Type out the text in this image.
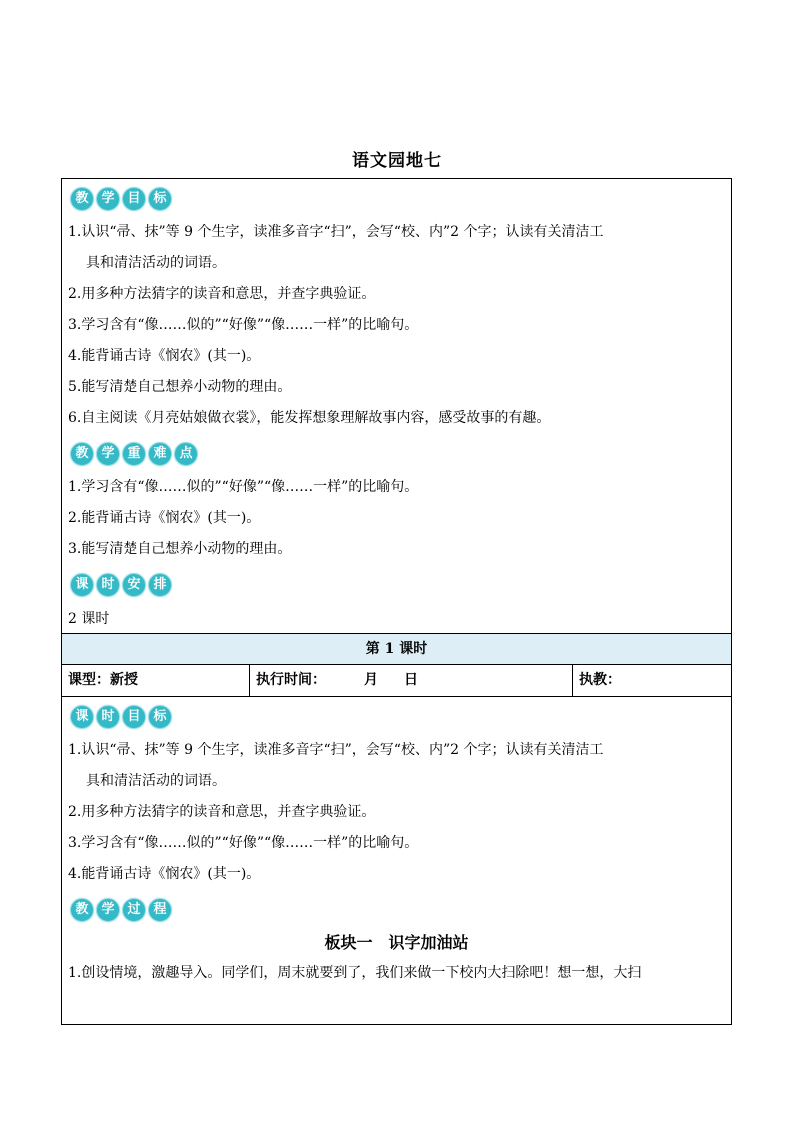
语文园地七
教 学 目 标
1.认识“帚、抹”等 9 个生字，读准多音字“扫”，会写“校、内”2 个字；认读有关清洁工
具和清洁活动的词语。
2.用多种方法猜字的读音和意思，并查字典验证。
3.学习含有“像……似的”“好像”“像……一样”的比喻句。
4.能背诵古诗《悯农》(其一)。
5.能写清楚自己想养小动物的理由。
6.自主阅读《月亮姑娘做衣裳》，能发挥想象理解故事内容，感受故事的有趣。
教 学 重 难 点
1.学习含有“像……似的”“好像”“像……一样”的比喻句。
2.能背诵古诗《悯农》(其一)。
3.能写清楚自己想养小动物的理由。
课 时 安 排
2 课时
第 1 课时
课型：新授	执行时间：	月 日	执教：
课 时 目 标
1.认识“帚、抹”等 9 个生字，读准多音字“扫”，会写“校、内”2 个字；认读有关清洁工
具和清洁活动的词语。
2.用多种方法猜字的读音和意思，并查字典验证。
3.学习含有“像……似的”“好像”“像……一样”的比喻句。
4.能背诵古诗《悯农》(其一)。
教 学 过 程
板块一　识字加油站
1.创设情境，激趣导入。同学们，周末就要到了，我们来做一下校内大扫除吧！想一想，大扫
